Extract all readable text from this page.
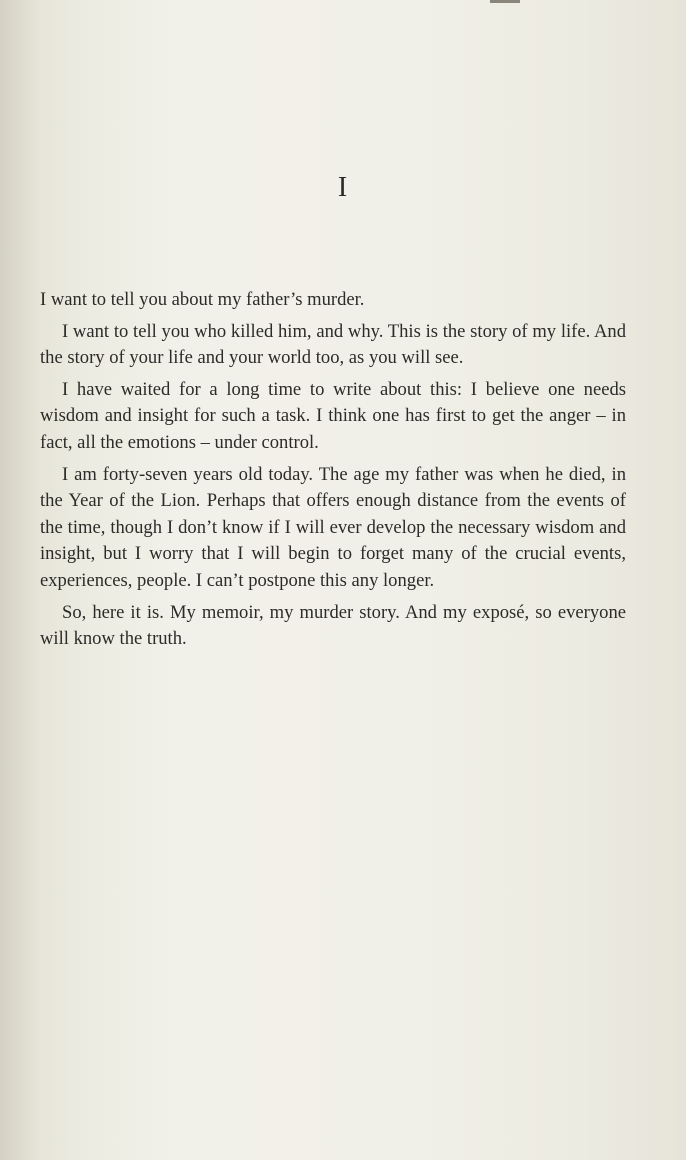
I

I want to tell you about my father’s murder.

I want to tell you who killed him, and why. This is the story of my life. And the story of your life and your world too, as you will see.

I have waited for a long time to write about this: I believe one needs wisdom and insight for such a task. I think one has first to get the anger – in fact, all the emotions – under control.

I am forty-seven years old today. The age my father was when he died, in the Year of the Lion. Perhaps that offers enough distance from the events of the time, though I don’t know if I will ever develop the necessary wisdom and insight, but I worry that I will begin to forget many of the crucial events, experiences, people. I can’t postpone this any longer.

So, here it is. My memoir, my murder story. And my exposé, so everyone will know the truth.
